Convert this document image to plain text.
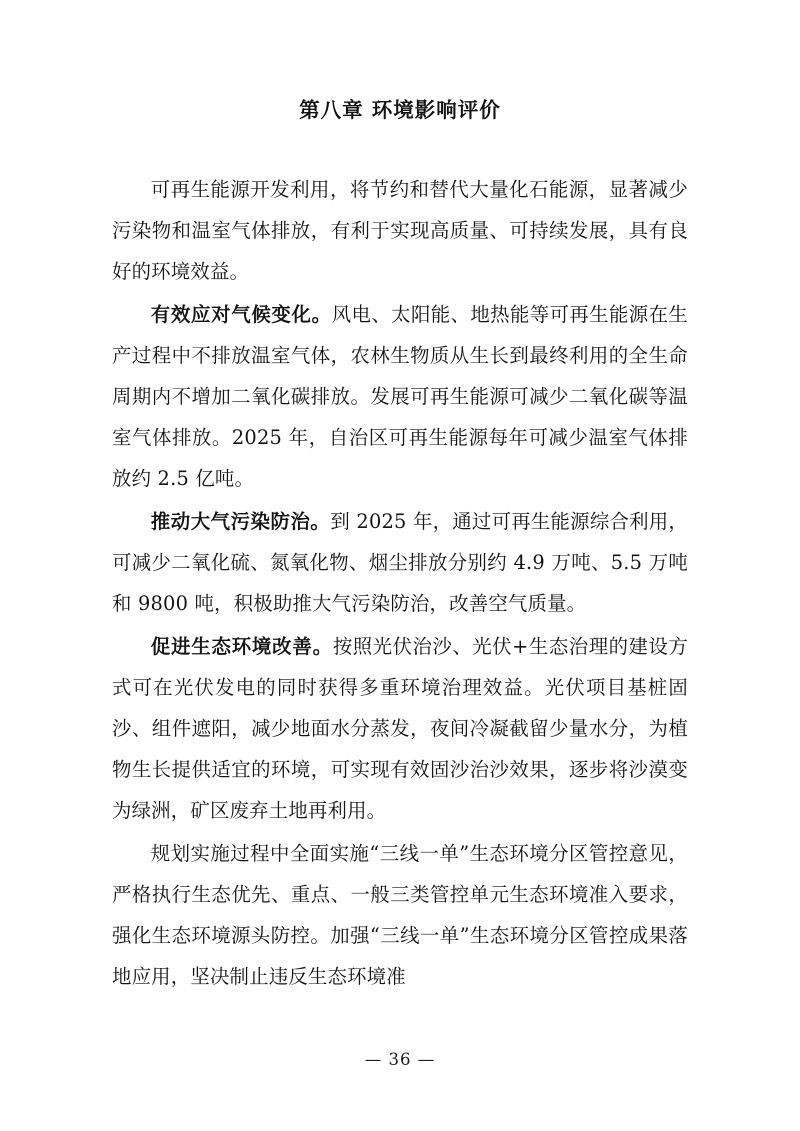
第八章 环境影响评价

可再生能源开发利用，将节约和替代大量化石能源，显著减少污染物和温室气体排放，有利于实现高质量、可持续发展，具有良好的环境效益。

有效应对气候变化。风电、太阳能、地热能等可再生能源在生产过程中不排放温室气体，农林生物质从生长到最终利用的全生命周期内不增加二氧化碳排放。发展可再生能源可减少二氧化碳等温室气体排放。2025 年，自治区可再生能源每年可减少温室气体排放约 2.5 亿吨。

推动大气污染防治。到 2025 年，通过可再生能源综合利用，可减少二氧化硫、氮氧化物、烟尘排放分别约 4.9 万吨、5.5 万吨和 9800 吨，积极助推大气污染防治，改善空气质量。

促进生态环境改善。按照光伏治沙、光伏+生态治理的建设方式可在光伏发电的同时获得多重环境治理效益。光伏项目基桩固沙、组件遮阳，减少地面水分蒸发，夜间冷凝截留少量水分，为植物生长提供适宜的环境，可实现有效固沙治沙效果，逐步将沙漠变为绿洲，矿区废弃土地再利用。

规划实施过程中全面实施“三线一单”生态环境分区管控意见，严格执行生态优先、重点、一般三类管控单元生态环境准入要求，强化生态环境源头防控。加强“三线一单”生态环境分区管控成果落地应用，坚决制止违反生态环境准

— 36 —
